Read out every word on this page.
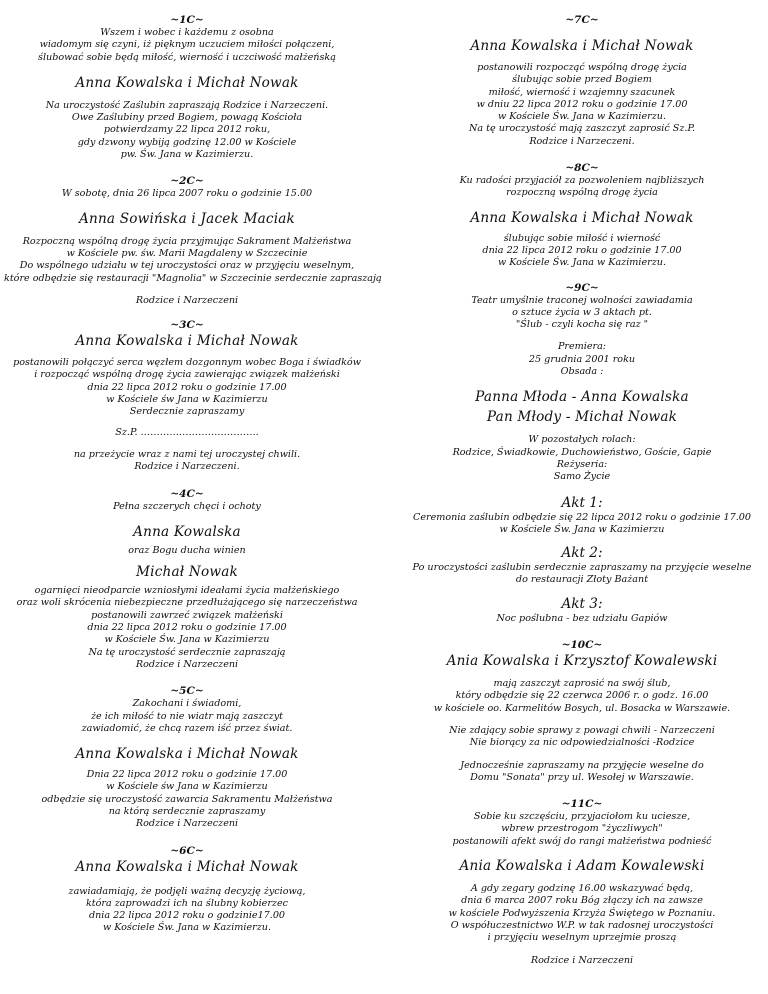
~1C~

Wszem i wobec i każdemu z osobna
wiadomym się czyni, iż pięknym uczuciem miłości połączeni,
ślubować sobie będą miłość, wierność i uczciwość małżeńską

Anna Kowalska i Michał Nowak

Na uroczystość Zaślubin zapraszają Rodzice i Narzeczeni.
Owe Zaślubiny przed Bogiem, powagą Kościoła
potwierdzamy 22 lipca 2012 roku,
gdy dzwony wybiją godzinę 12.00 w Kościele
pw. Św. Jana w Kazimierzu.

~2C~

W sobotę, dnia 26 lipca 2007 roku o godzinie 15.00

Anna Sowińska i Jacek Maciak

Rozpoczną wspólną drogę życia przyjmując Sakrament Małżeństwa
w Kościele pw. św. Marii Magdaleny w Szczecinie
Do wspólnego udziału w tej uroczystości oraz w przyjęciu weselnym,
które odbędzie się restauracji "Magnolia" w Szczecinie serdecznie zapraszają

Rodzice i Narzeczeni

~3C~

Anna Kowalska i Michał Nowak

postanowili połączyć serca węzłem dozgonnym wobec Boga i świadków
i rozpocząć wspólną drogę życia zawierając związek małżeński
dnia 22 lipca 2012 roku o godzinie 17.00
w Kościele św Jana w Kazimierzu
Serdecznie zapraszamy

Sz.P. ……………………………….

na przeżycie wraz z nami tej uroczystej chwili.
Rodzice i Narzeczeni.

~4C~

Pełna szczerych chęci i ochoty

Anna Kowalska

oraz Bogu ducha winien

Michał Nowak

ogarnięci nieodparcie wzniosłymi ideałami życia małżeńskiego
oraz woli skrócenia niebezpieczne przedłużającego się narzeczeństwa
postanowili zawrzeć związek małżeński
dnia 22 lipca 2012 roku o godzinie 17.00
w Kościele Św. Jana w Kazimierzu
Na tę uroczystość serdecznie zapraszają
Rodzice i Narzeczeni

~5C~

Zakochani i świadomi,
że ich miłość to nie wiatr mają zaszczyt
zawiadomić, że chcą razem iść przez świat.

Anna Kowalska i Michał Nowak

Dnia 22 lipca 2012 roku o godzinie 17.00
w Kościele św Jana w Kazimierzu
odbędzie się uroczystość zawarcia Sakramentu Małżeństwa
na którą serdecznie zapraszamy
Rodzice i Narzeczeni

~6C~

Anna Kowalska i Michał Nowak

zawiadamiają, że podjęli ważną decyzję życiową,
która zaprowadzi ich na ślubny kobierzec
dnia 22 lipca 2012 roku o godzinie17.00
w Kościele Św. Jana w Kazimierzu.

~7C~

Anna Kowalska i Michał Nowak

postanowili rozpocząć wspólną drogę życia
ślubując sobie przed Bogiem
miłość, wierność i wzajemny szacunek
w dniu 22 lipca 2012 roku o godzinie 17.00
w Kościele Św. Jana w Kazimierzu.
Na tę uroczystość mają zaszczyt zaprosić Sz.P.
Rodzice i Narzeczeni.

~8C~

Ku radości przyjaciół za pozwoleniem najbliższych
rozpoczną wspólną drogę życia

Anna Kowalska i Michał Nowak

ślubując sobie miłość i wierność
dnia 22 lipca 2012 roku o godzinie 17.00
w Kościele Św. Jana w Kazimierzu.

~9C~

Teatr umyślnie traconej wolności zawiadamia
o sztuce życia w 3 aktach pt.
"Ślub - czyli kocha się raz "

Premiera:
25 grudnia 2001 roku
Obsada :

Panna Młoda - Anna Kowalska

Pan Młody - Michał Nowak

W pozostałych rolach:
Rodzice, Świadkowie, Duchowieństwo, Goście, Gapie
Reżyseria:
Samo Życie

Akt 1:

Ceremonia zaślubin odbędzie się 22 lipca 2012 roku o godzinie 17.00
w Kościele Św. Jana w Kazimierzu

Akt 2:

Po uroczystości zaślubin serdecznie zapraszamy na przyjęcie weselne
do restauracji Złoty Bażant

Akt 3:

Noc poślubna - bez udziału Gapiów

~10C~

Ania Kowalska i Krzysztof Kowalewski

mają zaszczyt zaprosić na swój ślub,
który odbędzie się 22 czerwca 2006 r. o godz. 16.00
w kościele oo. Karmelitów Bosych, ul. Bosacka w Warszawie.

Nie zdający sobie sprawy z powagi chwili - Narzeczeni
Nie biorący za nic odpowiedzialności -Rodzice

Jednocześnie zapraszamy na przyjęcie weselne do
Domu "Sonata" przy ul. Wesołej w Warszawie.

~11C~

Sobie ku szczęściu, przyjaciołom ku uciesze,
wbrew przestrogom "życzliwych"
postanowili afekt swój do rangi małżeństwa podnieść

Ania Kowalska i Adam Kowalewski

A gdy zegary godzinę 16.00 wskazywać będą,
dnia 6 marca 2007 roku Bóg złączy ich na zawsze
w kościele Podwyższenia Krzyża Świętego w Poznaniu.
O współuczestnictwo W.P. w tak radosnej uroczystości
i przyjęciu weselnym uprzejmie proszą

Rodzice i Narzeczeni
